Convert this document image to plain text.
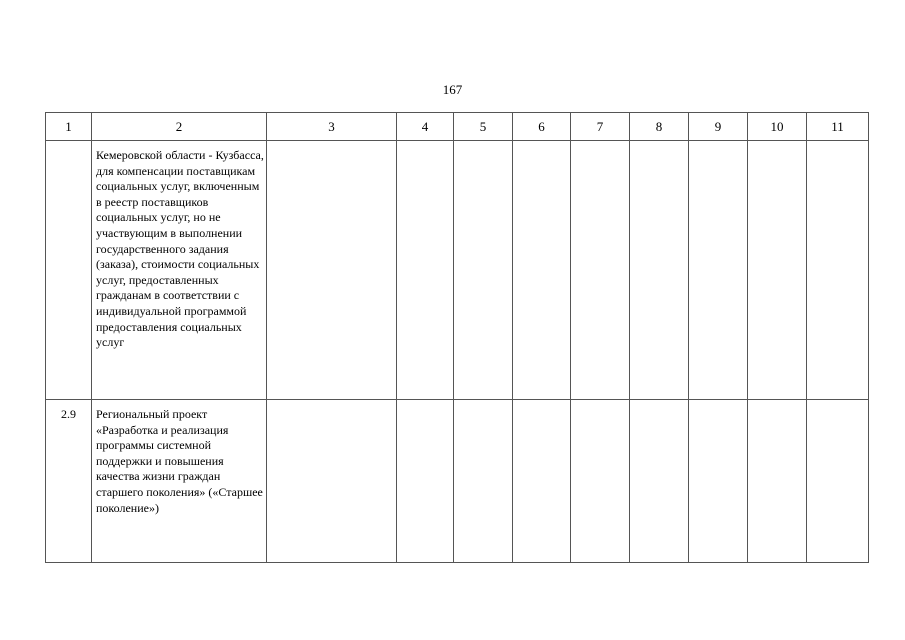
167
1	2	3	4	5	6	7	8	9	10	11
	Кемеровской области - Кузбасса, для компенсации поставщикам социальных услуг, включенным в реестр поставщиков социальных услуг, но не участвующим в выполнении государственного задания (заказа), стоимости социальных услуг, предоставленных гражданам в соответствии с индивидуальной программой предоставления социальных услуг									
2.9	Региональный проект «Разработка и реализация программы системной поддержки и повышения качества жизни граждан старшего поколения» («Старшее поколение»)									
